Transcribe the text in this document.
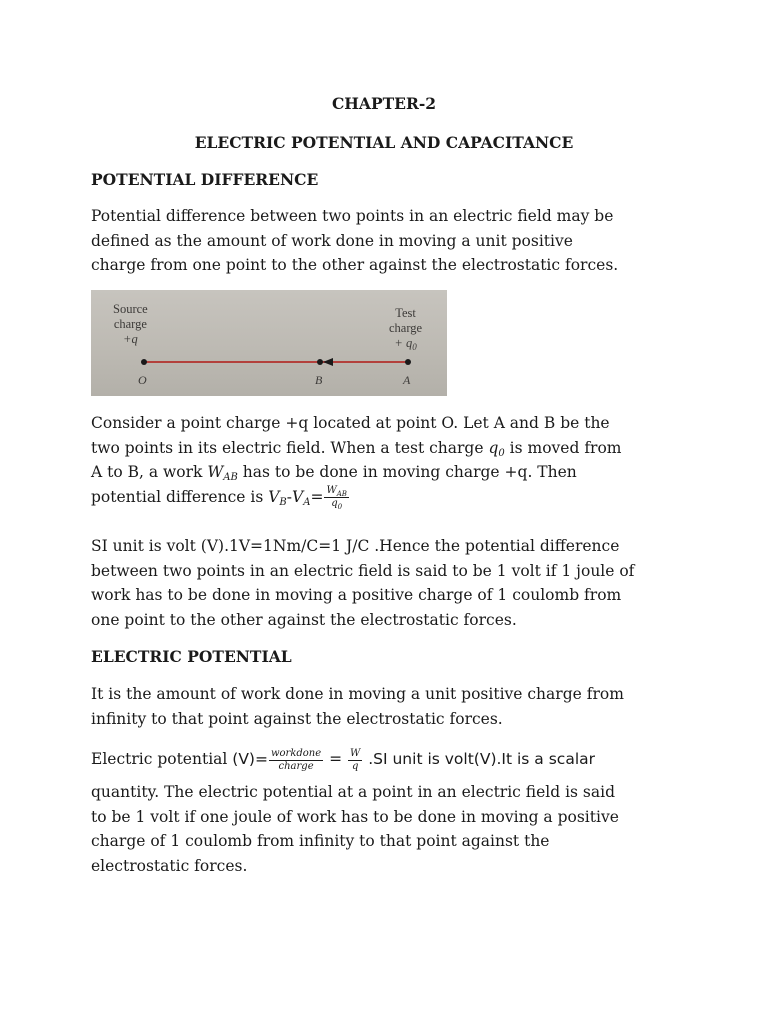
CHAPTER-2
ELECTRIC POTENTIAL AND CAPACITANCE
POTENTIAL DIFFERENCE
Potential difference between two points in an electric field may be
defined as the amount of work done in moving a unit positive
charge from one point to the other against the electrostatic forces.
Source
charge
+q
Test
charge
+ $q_0$
O	B	A
Consider a point charge +q located at point O. Let A and B be the
two points in its electric field. When a test charge $q_0$ is moved from
A to B, a work $W_{AB}$ has to be done in moving charge +q. Then
potential difference is $V_B-V_A= \frac{W_{AB}}{q_0}$
SI unit is volt (V).1V=1Nm/C=1 J/C .Hence the potential difference
between two points in an electric field is said to be 1 volt if 1 joule of
work has to be done in moving a positive charge of 1 coulomb from
one point to the other against the electrostatic forces.
ELECTRIC POTENTIAL
It is the amount of work done in moving a unit positive charge from
infinity to that point against the electrostatic forces.
Electric potential $(V)= \frac{\text{workdone}}{\text{charge}} = \frac{W}{q} .SI$ unit is volt(V).It is a scalar
quantity. The electric potential at a point in an electric field is said
to be 1 volt if one joule of work has to be done in moving a positive
charge of 1 coulomb from infinity to that point against the
electrostatic forces.
